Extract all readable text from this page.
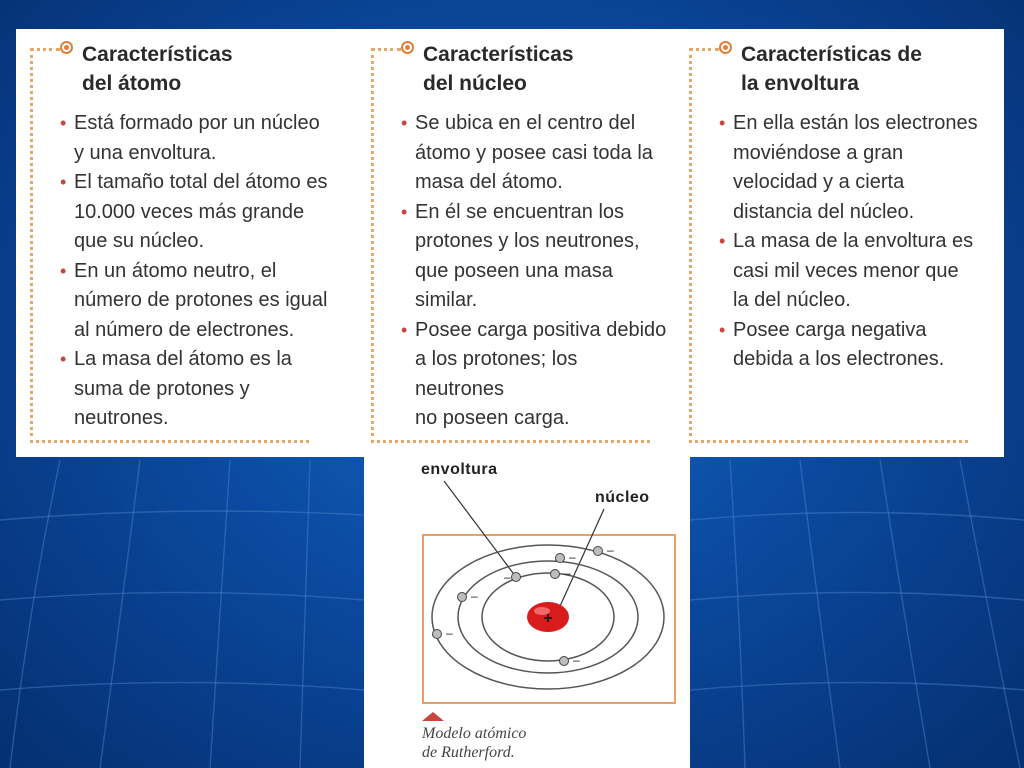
Características
del átomo
• Está formado por un núcleo
y una envoltura.
• El tamaño total del átomo es
10.000 veces más grande
que su núcleo.
• En un átomo neutro, el
número de protones es igual
al número de electrones.
• La masa del átomo es la
suma de protones y
neutrones.
Características
del núcleo
• Se ubica en el centro del
átomo y posee casi toda la
masa del átomo.
• En él se encuentran los
protones y los neutrones,
que poseen una masa
similar.
• Posee carga positiva debido
a los protones; los neutrones
no poseen carga.
Características de
la envoltura
• En ella están los electrones
moviéndose a gran
velocidad y a cierta
distancia del núcleo.
• La masa de la envoltura es
casi mil veces menor que
la del núcleo.
• Posee carga negativa
debida a los electrones.
envoltura
núcleo
+
–
–
–
–
–
–
–
Modelo atómico
de Rutherford.
